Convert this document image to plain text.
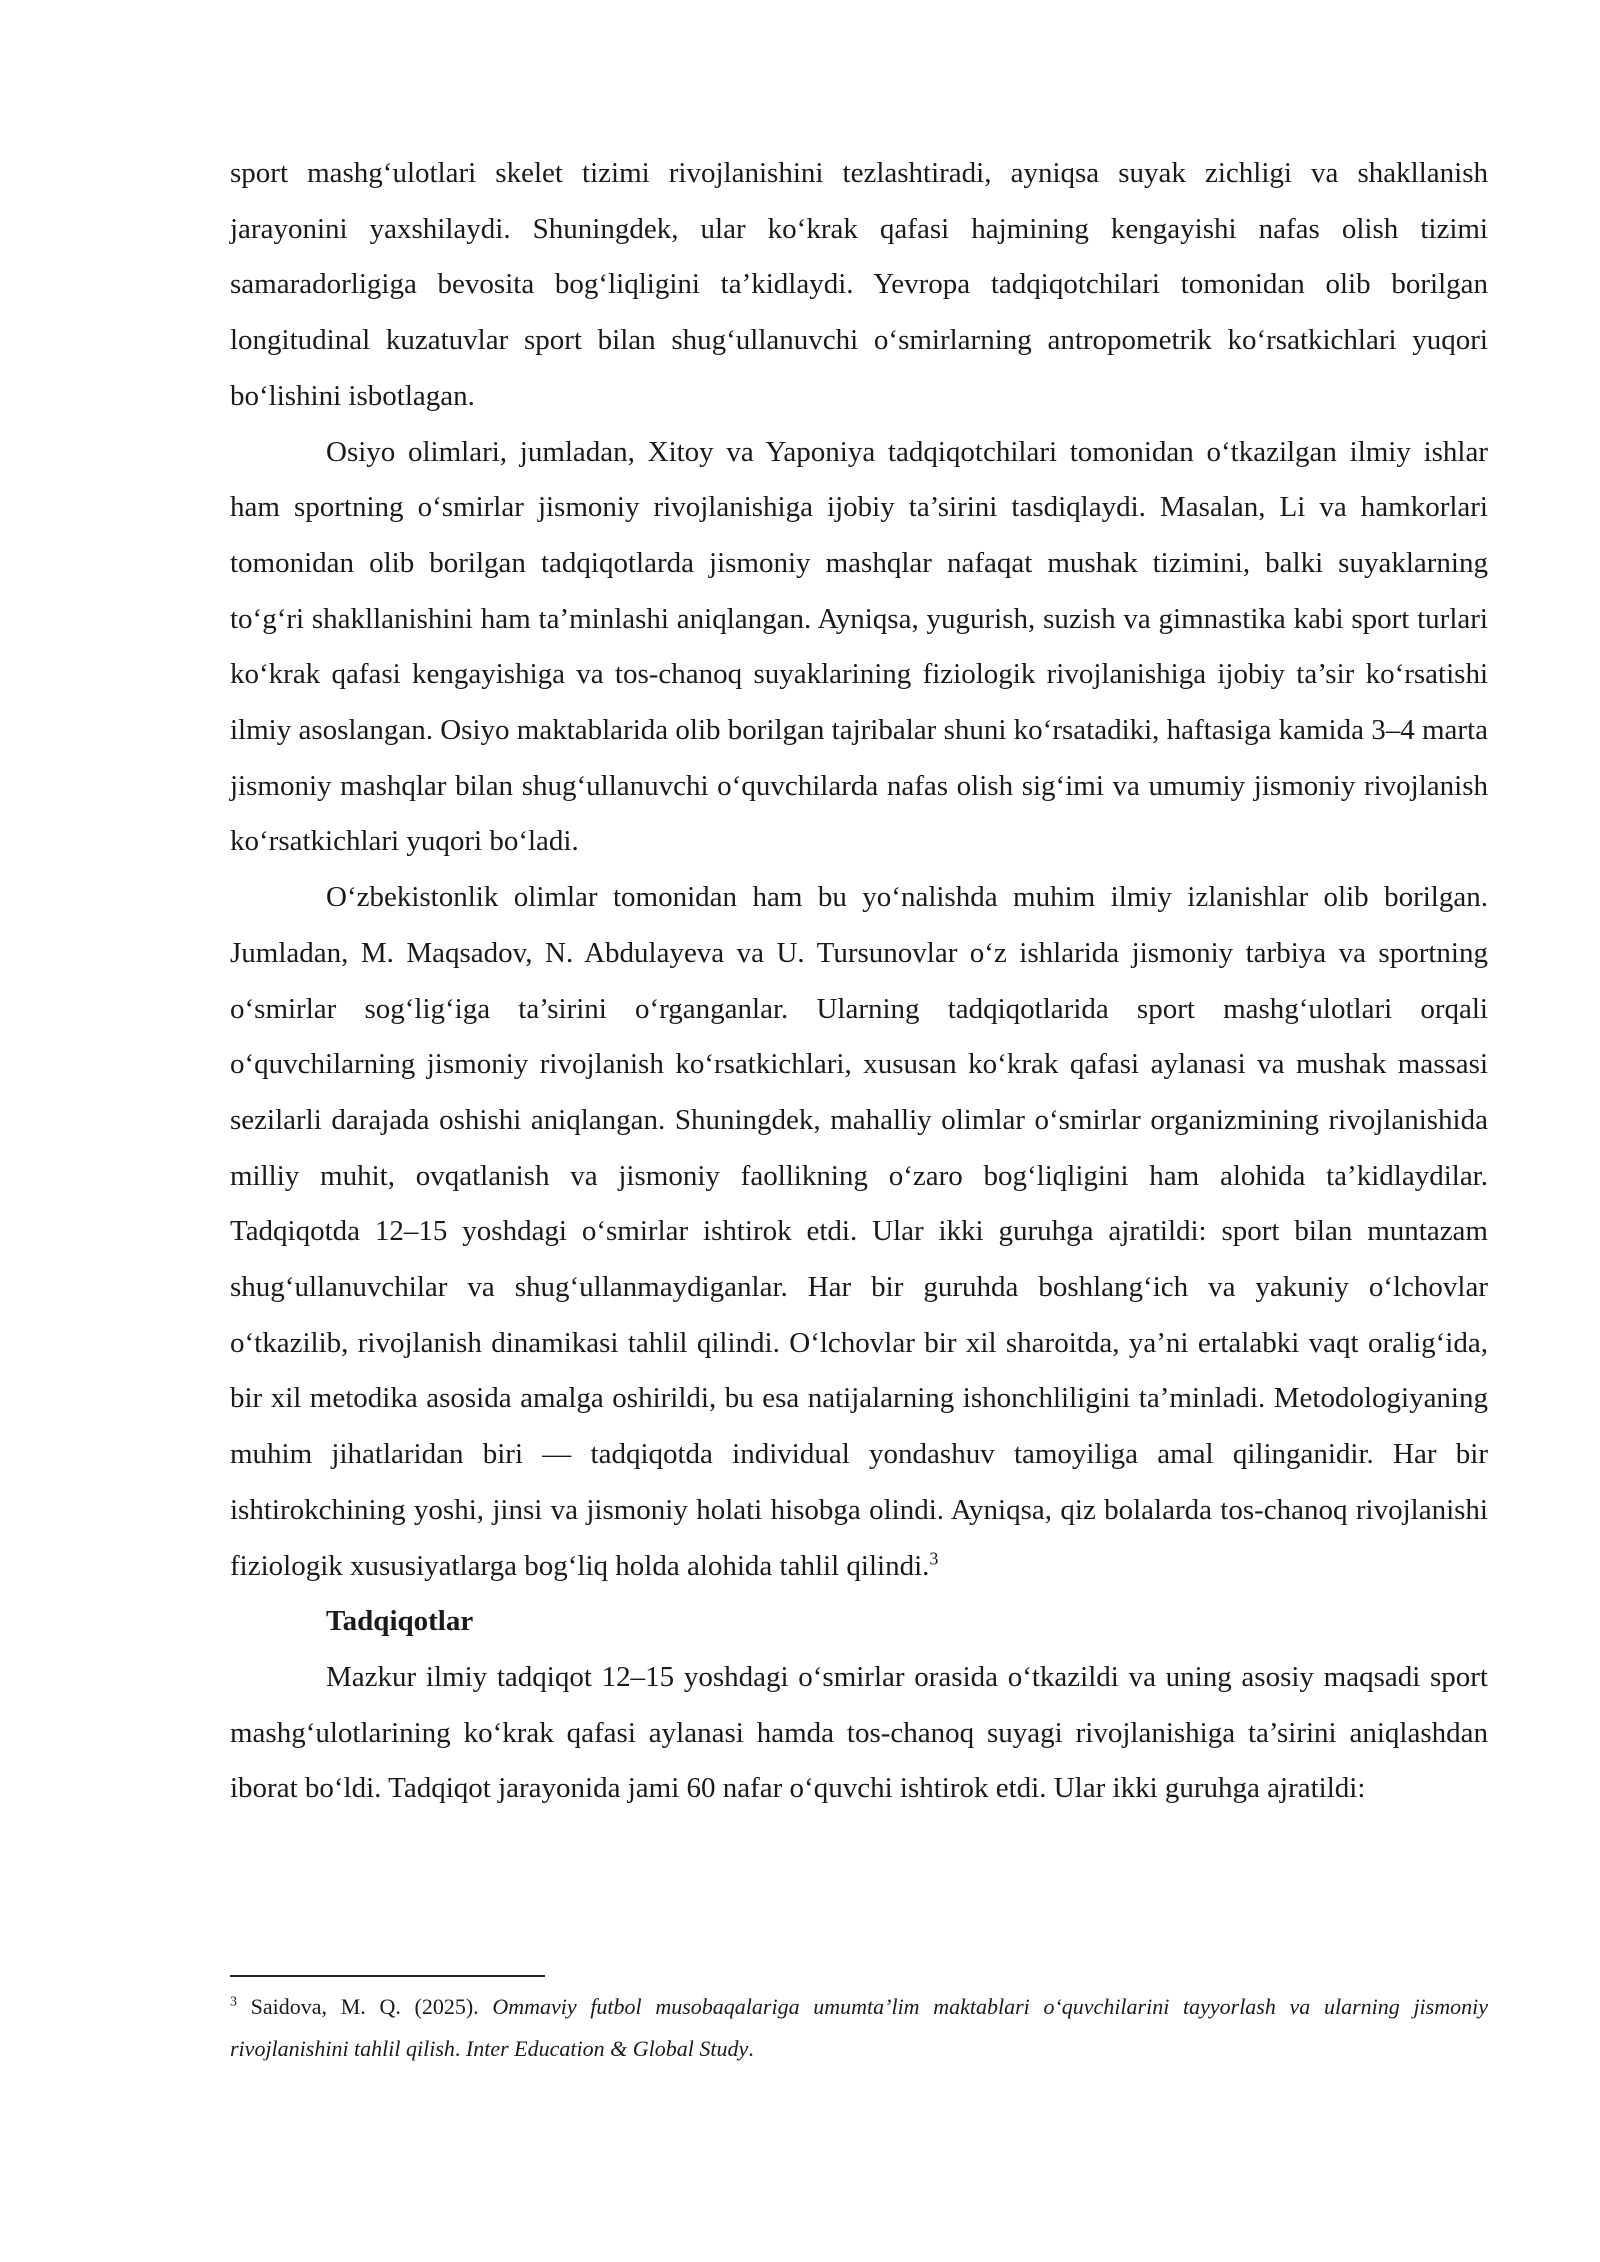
sport mashg‘ulotlari skelet tizimi rivojlanishini tezlashtiradi, ayniqsa suyak zichligi va shakllanish jarayonini yaxshilaydi. Shuningdek, ular ko‘krak qafasi hajmining kengayishi nafas olish tizimi samaradorligiga bevosita bog‘liqligini ta’kidlaydi. Yevropa tadqiqotchilari tomonidan olib borilgan longitudinal kuzatuvlar sport bilan shug‘ullanuvchi o‘smirlarning antropometrik ko‘rsatkichlari yuqori bo‘lishini isbotlagan.

Osiyo olimlari, jumladan, Xitoy va Yaponiya tadqiqotchilari tomonidan o‘tkazilgan ilmiy ishlar ham sportning o‘smirlar jismoniy rivojlanishiga ijobiy ta’sirini tasdiqlaydi. Masalan, Li va hamkorlari tomonidan olib borilgan tadqiqotlarda jismoniy mashqlar nafaqat mushak tizimini, balki suyaklarning to‘g‘ri shakllanishini ham ta’minlashi aniqlangan. Ayniqsa, yugurish, suzish va gimnastika kabi sport turlari ko‘krak qafasi kengayishiga va tos-chanoq suyaklarining fiziologik rivojlanishiga ijobiy ta’sir ko‘rsatishi ilmiy asoslangan. Osiyo maktablarida olib borilgan tajribalar shuni ko‘rsatadiki, haftasiga kamida 3–4 marta jismoniy mashqlar bilan shug‘ullanuvchi o‘quvchilarda nafas olish sig‘imi va umumiy jismoniy rivojlanish ko‘rsatkichlari yuqori bo‘ladi.

O‘zbekistonlik olimlar tomonidan ham bu yo‘nalishda muhim ilmiy izlanishlar olib borilgan. Jumladan, M. Maqsadov, N. Abdulayeva va U. Tursunovlar o‘z ishlarida jismoniy tarbiya va sportning o‘smirlar sog‘lig‘iga ta’sirini o‘rganganlar. Ularning tadqiqotlarida sport mashg‘ulotlari orqali o‘quvchilarning jismoniy rivojlanish ko‘rsatkichlari, xususan ko‘krak qafasi aylanasi va mushak massasi sezilarli darajada oshishi aniqlangan. Shuningdek, mahalliy olimlar o‘smirlar organizmining rivojlanishida milliy muhit, ovqatlanish va jismoniy faollikning o‘zaro bog‘liqligini ham alohida ta’kidlaydilar. Tadqiqotda 12–15 yoshdagi o‘smirlar ishtirok etdi. Ular ikki guruhga ajratildi: sport bilan muntazam shug‘ullanuvchilar va shug‘ullanmaydiganlar. Har bir guruhda boshlang‘ich va yakuniy o‘lchovlar o‘tkazilib, rivojlanish dinamikasi tahlil qilindi. O‘lchovlar bir xil sharoitda, ya’ni ertalabki vaqt oralig‘ida, bir xil metodika asosida amalga oshirildi, bu esa natijalarning ishonchliligini ta’minladi. Metodologiyaning muhim jihatlaridan biri — tadqiqotda individual yondashuv tamoyiliga amal qilinganidir. Har bir ishtirokchining yoshi, jinsi va jismoniy holati hisobga olindi. Ayniqsa, qiz bolalarda tos-chanoq rivojlanishi fiziologik xususiyatlarga bog‘liq holda alohida tahlil qilindi.$^3$

Tadqiqotlar

Mazkur ilmiy tadqiqot 12–15 yoshdagi o‘smirlar orasida o‘tkazildi va uning asosiy maqsadi sport mashg‘ulotlarining ko‘krak qafasi aylanasi hamda tos-chanoq suyagi rivojlanishiga ta’sirini aniqlashdan iborat bo‘ldi. Tadqiqot jarayonida jami 60 nafar o‘quvchi ishtirok etdi. Ular ikki guruhga ajratildi:

$^3$ Saidova, M. Q. (2025). Ommaviy futbol musobaqalariga umumta’lim maktablari o‘quvchilarini tayyorlash va ularning jismoniy rivojlanishini tahlil qilish. Inter Education & Global Study.
